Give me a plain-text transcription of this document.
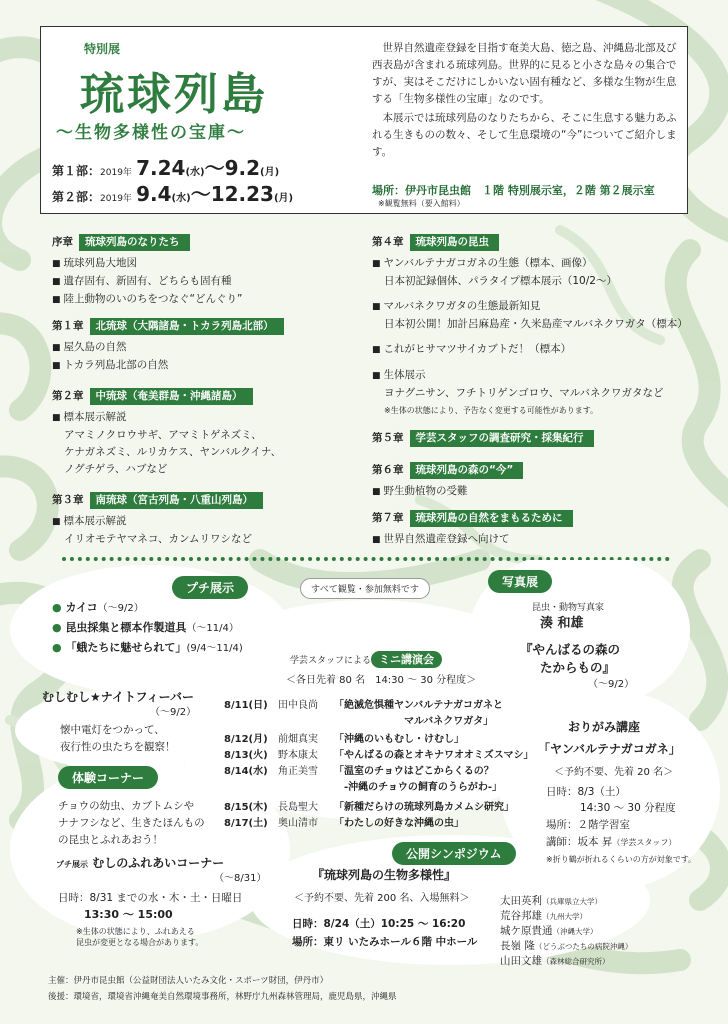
特別展
琉球列島
〜生物多様性の宝庫〜
第１部：2019年 7.24(水)〜9.2(月)
第２部：2019年 9.4(水)〜12.23(月)

世界自然遺産登録を目指す奄美大島、徳之島、沖縄島北部及び西表島が含まれる琉球列島。世界的に見ると小さな島々の集合ですが、実はそこだけにしかいない固有種など、多様な生物が生息する「生物多様性の宝庫」なのです。

本展示では琉球列島のなりたちから、そこに生息する魅力あふれる生きものの数々、そして生息環境の“今”についてご紹介します。

場所：伊丹市昆虫館　１階 特別展示室，２階 第２展示室
※観覧無料（要入館料）
序章	琉球列島のなりたち
■ 琉球列島大地図
■ 遺存固有、新固有、どちらも固有種
■ 陸上動物のいのちをつなぐ“どんぐり”
第１章	北琉球（大隅諸島・トカラ列島北部）
■ 屋久島の自然
■ トカラ列島北部の自然
第２章	中琉球（奄美群島・沖縄諸島）
■ 標本展示解説
アマミノクロウサギ、アマミトゲネズミ、
ケナガネズミ、ルリカケス、ヤンバルクイナ、
ノグチゲラ、ハブなど
第３章	南琉球（宮古列島・八重山列島）
■ 標本展示解説
イリオモテヤマネコ、カンムリワシなど
第４章	琉球列島の昆虫
■ ヤンバルテナガコガネの生態（標本、画像）
日本初記録個体、パラタイプ標本展示（10/2〜）
■ マルバネクワガタの生態最新知見
日本初公開！加計呂麻島産・久米島産マルバネクワガタ（標本）
■ これがヒサマツサイカブトだ！（標本）
■ 生体展示
ヨナグニサン、フチトリゲンゴロウ、マルバネクワガタなど
※生体の状態により、予告なく変更する可能性があります。
第５章	学芸スタッフの調査研究・採集紀行
第６章	琉球列島の森の“今”
■ 野生動植物の受難
第７章	琉球列島の自然をまもるために
■ 世界自然遺産登録へ向けて
プチ展示	すべて観覧・参加無料です
● カイコ（〜9/2）
● 昆虫採集と標本作製道具（〜11/4）
● 「蛾たちに魅せられて」(9/4〜11/4)
写真展
昆虫・動物写真家
湊 和雄
『やんばるの森の
たからもの』
（〜9/2）
むしむし★ナイトフィーバー
（〜9/2）
懐中電灯をつかって、
夜行性の虫たちを観察！
学芸スタッフによる ミニ講演会
＜各日先着 80 名　14:30 〜 30 分程度＞
8/11(日)	田中良尚	「絶滅危惧種ヤンバルテナガコガネと
　　　　　　　マルバネクワガタ」
8/12(月)	前畑真実	「沖縄のいもむし・けむし」
8/13(火)	野本康太	「やんばるの森とオキナワオオミズスマシ」
8/14(水)	角正美雪	「温室のチョウはどこからくるの？
　-沖縄のチョウの飼育のうらがわ-」
8/15(木)	長島聖大	「新種だらけの琉球列島カメムシ研究」
8/17(土)	奥山清市	「わたしの好きな沖縄の虫」
体験コーナー
チョウの幼虫、カブトムシや
ナナフシなど、生きたほんもの
の昆虫とふれあおう！
プチ展示 むしのふれあいコーナー
（〜8/31）
日時：8/31 までの水・木・土・日曜日
13:30 〜 15:00
※生体の状態により、ふれあえる
昆虫が変更となる場合があります。
おりがみ講座
「ヤンバルテナガコガネ」
＜予約不要、先着 20 名＞
日時：8/3（土）
14:30 〜 30 分程度
場所：２階学習室
講師：坂本 昇（学芸スタッフ）
※折り鶴が折れるくらいの方が対象です。
公開シンポジウム
『琉球列島の生物多様性』
＜予約不要、先着 200 名、入場無料＞
日時：8/24（土）10:25 〜 16:20
場所：東リ いたみホール６階 中ホール
太田英利（兵庫県立大学）
荒谷邦雄（九州大学）
城ケ原貴通（沖縄大学）
長嶺 隆（どうぶつたちの病院沖縄）
山田文雄（森林総合研究所）
主催：伊丹市昆虫館（公益財団法人いたみ文化・スポーツ財団，伊丹市）
後援：環境省，環境省沖縄奄美自然環境事務所，林野庁九州森林管理局，鹿児島県，沖縄県
